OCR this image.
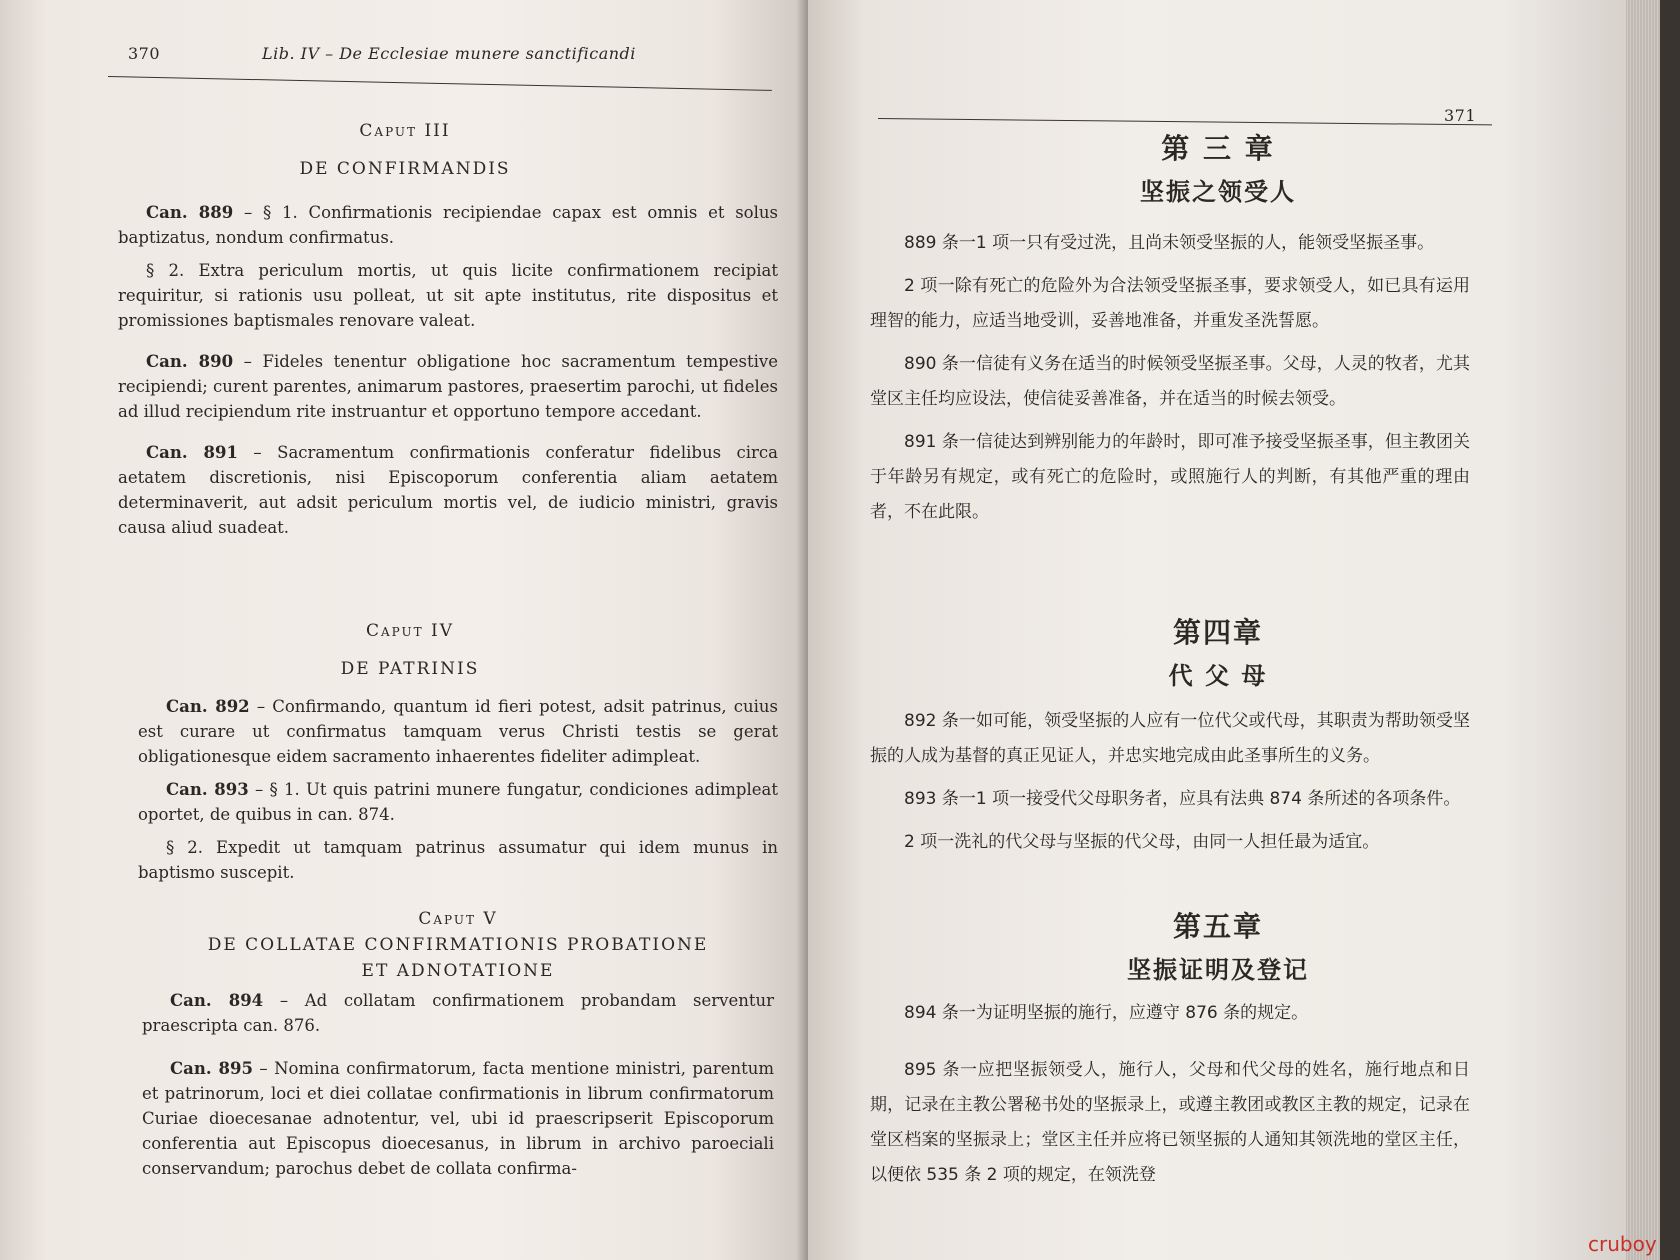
370	Lib. IV – De Ecclesiae munere sanctificandi
Caput III
DE CONFIRMANDIS

Can. 889 – § 1. Confirmationis recipiendae capax est omnis et solus baptizatus, nondum confirmatus.

§ 2. Extra periculum mortis, ut quis licite confirmationem recipiat requiritur, si rationis usu polleat, ut sit apte institutus, rite dispositus et promissiones baptismales renovare valeat.

Can. 890 – Fideles tenentur obligatione hoc sacramentum tempestive recipiendi; curent parentes, animarum pastores, praesertim parochi, ut fideles ad illud recipiendum rite instruantur et opportuno tempore accedant.

Can. 891 – Sacramentum confirmationis conferatur fidelibus circa aetatem discretionis, nisi Episcoporum conferentia aliam aetatem determinaverit, aut adsit periculum mortis vel, de iudicio ministri, gravis causa aliud suadeat.

Caput IV
DE PATRINIS

Can. 892 – Confirmando, quantum id fieri potest, adsit patrinus, cuius est curare ut confirmatus tamquam verus Christi testis se gerat obligationesque eidem sacramento inhaerentes fideliter adimpleat.

Can. 893 – § 1. Ut quis patrini munere fungatur, condiciones adimpleat oportet, de quibus in can. 874.

§ 2. Expedit ut tamquam patrinus assumatur qui idem munus in baptismo suscepit.

Caput V
DE COLLATAE CONFIRMATIONIS PROBATIONE
ET ADNOTATIONE

Can. 894 – Ad collatam confirmationem probandam serventur praescripta can. 876.

Can. 895 – Nomina confirmatorum, facta mentione ministri, parentum et patrinorum, loci et diei collatae confirmationis in librum confirmatorum Curiae dioecesanae adnotentur, vel, ubi id praescripserit Episcoporum conferentia aut Episcopus dioecesanus, in librum in archivo paroeciali conservandum; parochus debet de collata confirma-

371
第 三 章
坚振之领受人

889 条一1 项一只有受过洗，且尚未领受坚振的人，能领受坚振圣事。

2 项一除有死亡的危险外为合法领受坚振圣事，要求领受人，如已具有运用理智的能力，应适当地受训，妥善地准备，并重发圣洗誓愿。

890 条一信徒有义务在适当的时候领受坚振圣事。父母，人灵的牧者，尤其堂区主任均应设法，使信徒妥善准备，并在适当的时候去领受。

891 条一信徒达到辨别能力的年龄时，即可准予接受坚振圣事，但主教团关于年龄另有规定，或有死亡的危险时，或照施行人的判断，有其他严重的理由者，不在此限。

第四章
代 父 母

892 条一如可能，领受坚振的人应有一位代父或代母，其职责为帮助领受坚振的人成为基督的真正见证人，并忠实地完成由此圣事所生的义务。

893 条一1 项一接受代父母职务者，应具有法典 874 条所述的各项条件。

2 项一洗礼的代父母与坚振的代父母，由同一人担任最为适宜。

第五章
坚振证明及登记

894 条一为证明坚振的施行，应遵守 876 条的规定。

895 条一应把坚振领受人，施行人，父母和代父母的姓名，施行地点和日期，记录在主教公署秘书处的坚振录上，或遵主教团或教区主教的规定，记录在堂区档案的坚振录上；堂区主任并应将已领坚振的人通知其领洗地的堂区主任，以便依 535 条 2 项的规定，在领洗登

cruboy
